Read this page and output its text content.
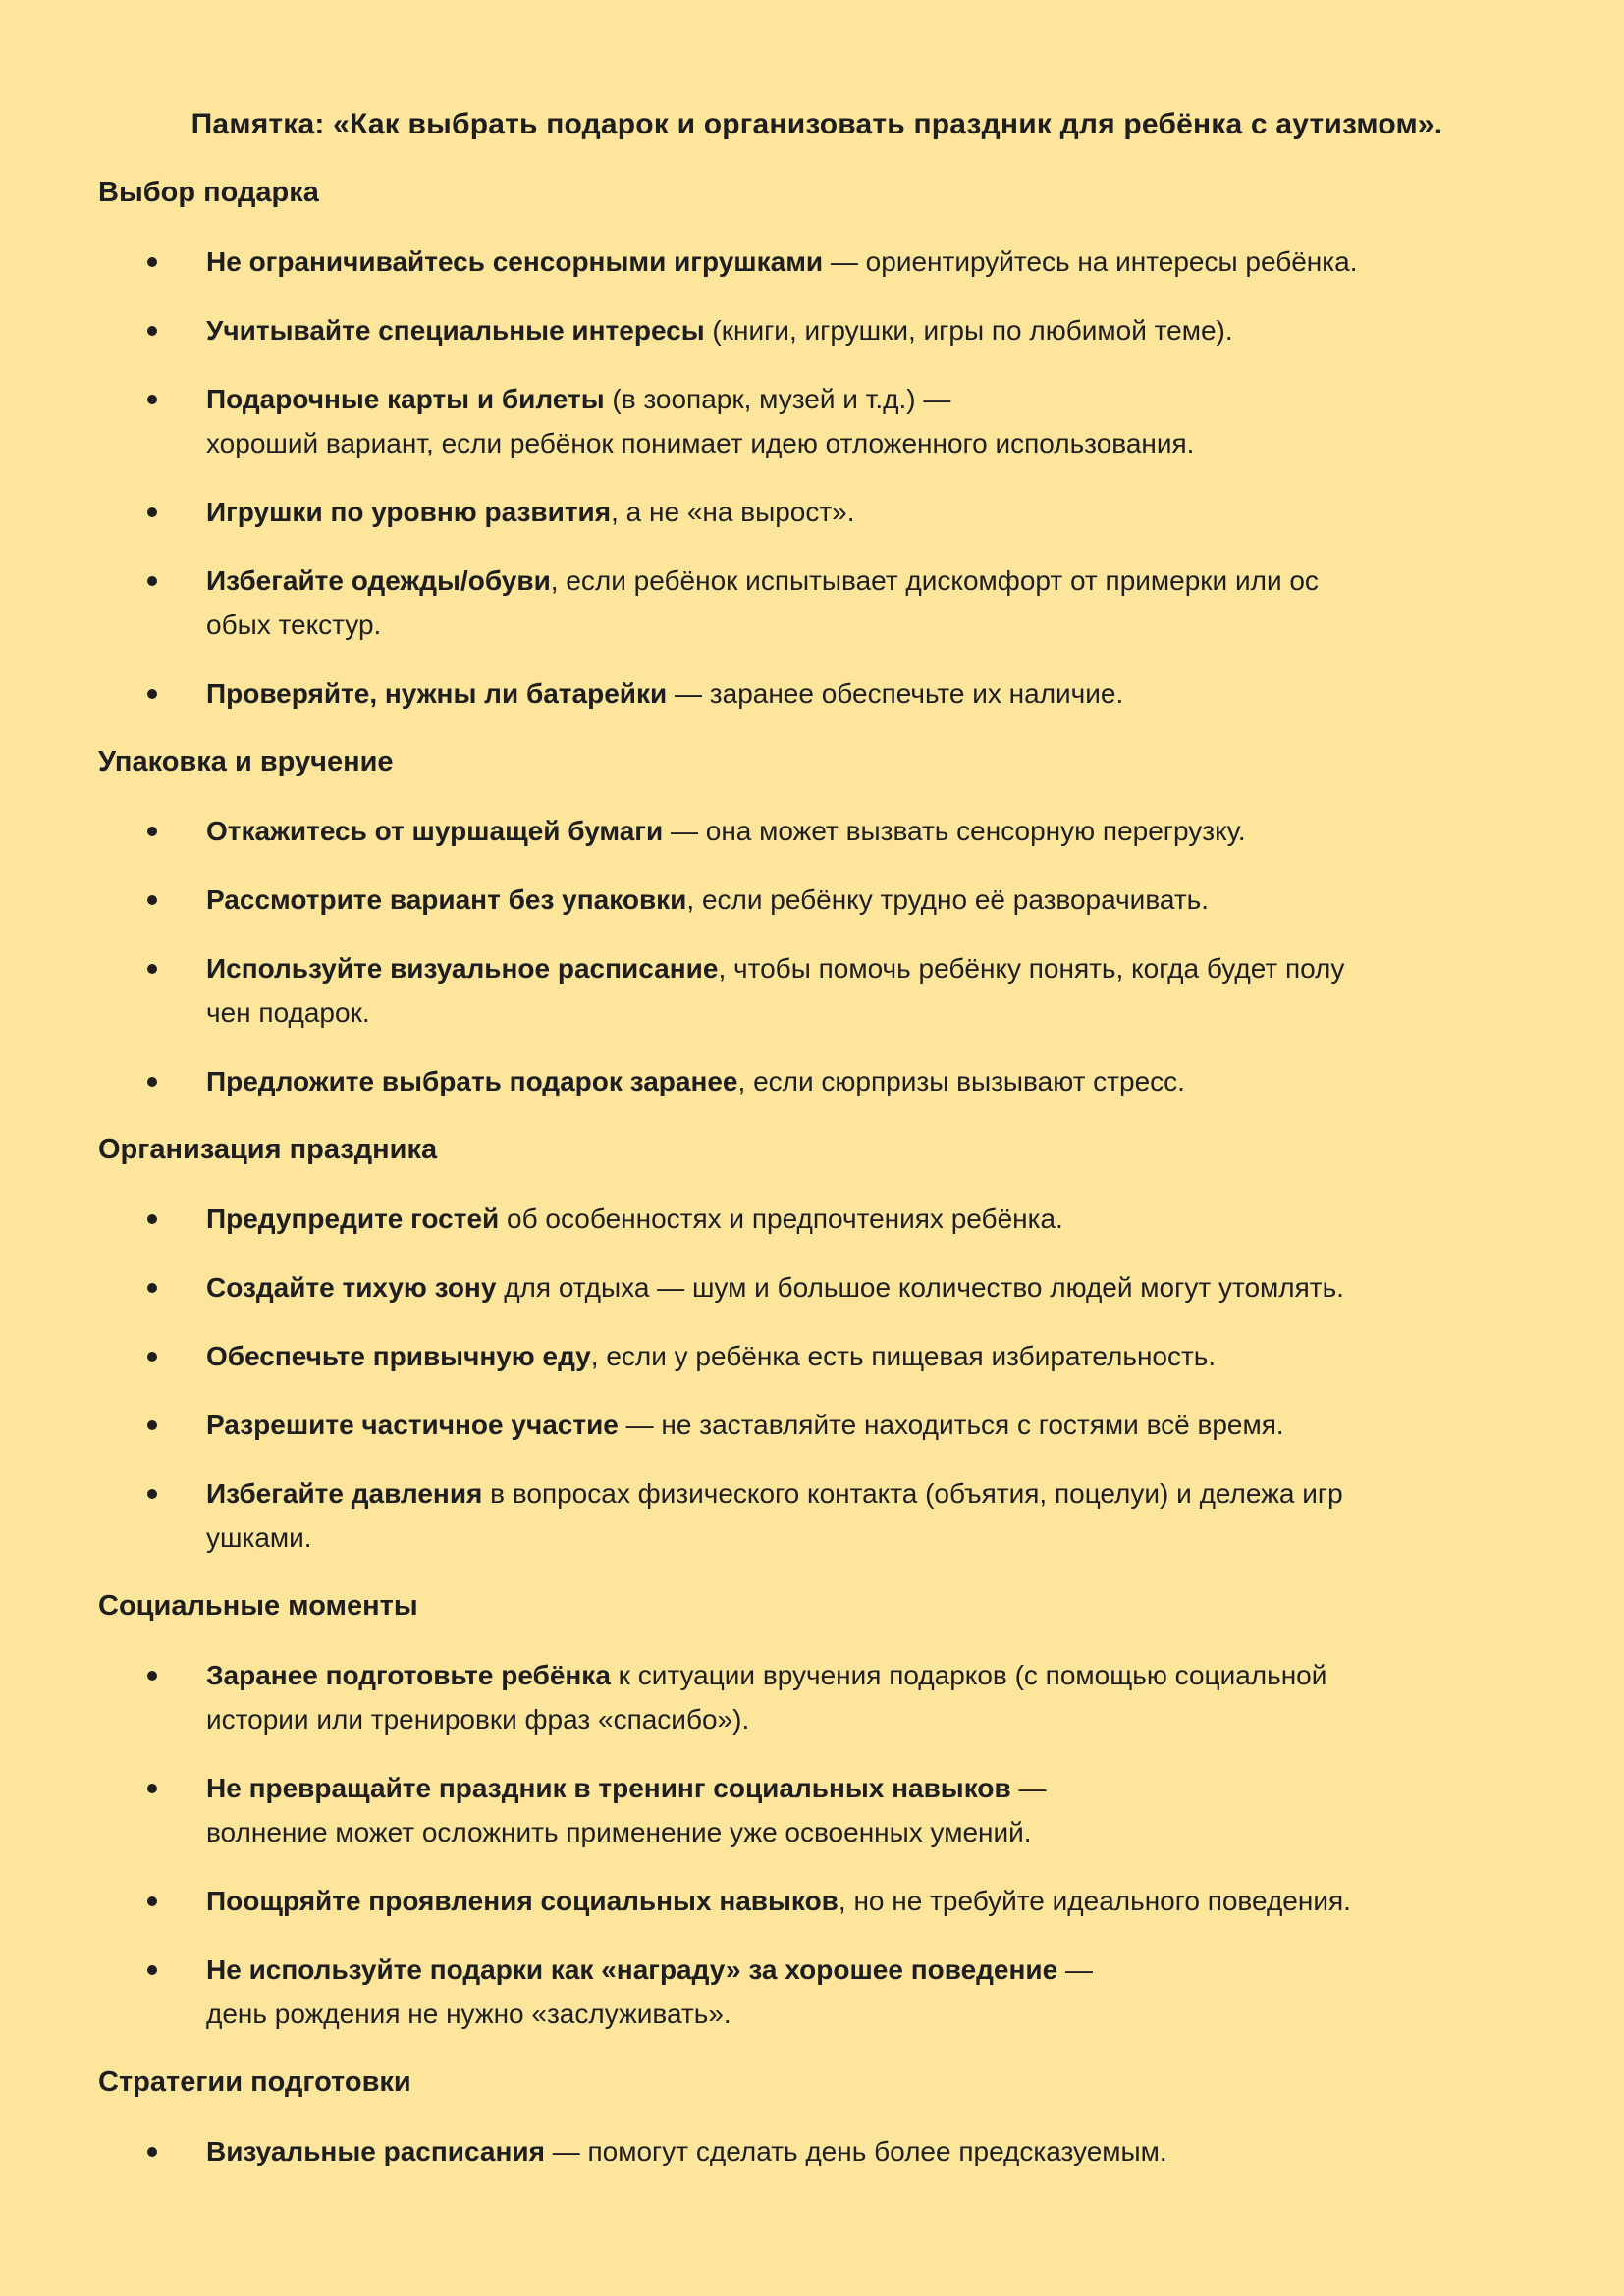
Памятка: «Как выбрать подарок и организовать праздник для ребёнка с аутизмом».
Выбор подарка
Не ограничивайтесь сенсорными игрушками — ориентируйтесь на интересы ребёнка.
Учитывайте специальные интересы (книги, игрушки, игры по любимой теме).
Подарочные карты и билеты (в зоопарк, музей и т.д.) —
хороший вариант, если ребёнок понимает идею отложенного использования.
Игрушки по уровню развития, а не «на вырост».
Избегайте одежды/обуви, если ребёнок испытывает дискомфорт от примерки или ос
обых текстур.
Проверяйте, нужны ли батарейки — заранее обеспечьте их наличие.
Упаковка и вручение
Откажитесь от шуршащей бумаги — она может вызвать сенсорную перегрузку.
Рассмотрите вариант без упаковки, если ребёнку трудно её разворачивать.
Используйте визуальное расписание, чтобы помочь ребёнку понять, когда будет полу
чен подарок.
Предложите выбрать подарок заранее, если сюрпризы вызывают стресс.
Организация праздника
Предупредите гостей об особенностях и предпочтениях ребёнка.
Создайте тихую зону для отдыха — шум и большое количество людей могут утомлять.
Обеспечьте привычную еду, если у ребёнка есть пищевая избирательность.
Разрешите частичное участие — не заставляйте находиться с гостями всё время.
Избегайте давления в вопросах физического контакта (объятия, поцелуи) и дележа игр
ушками.
Социальные моменты
Заранее подготовьте ребёнка к ситуации вручения подарков (с помощью социальной
истории или тренировки фраз «спасибо»).
Не превращайте праздник в тренинг социальных навыков —
волнение может осложнить применение уже освоенных умений.
Поощряйте проявления социальных навыков, но не требуйте идеального поведения.
Не используйте подарки как «награду» за хорошее поведение —
день рождения не нужно «заслуживать».
Стратегии подготовки
Визуальные расписания — помогут сделать день более предсказуемым.
